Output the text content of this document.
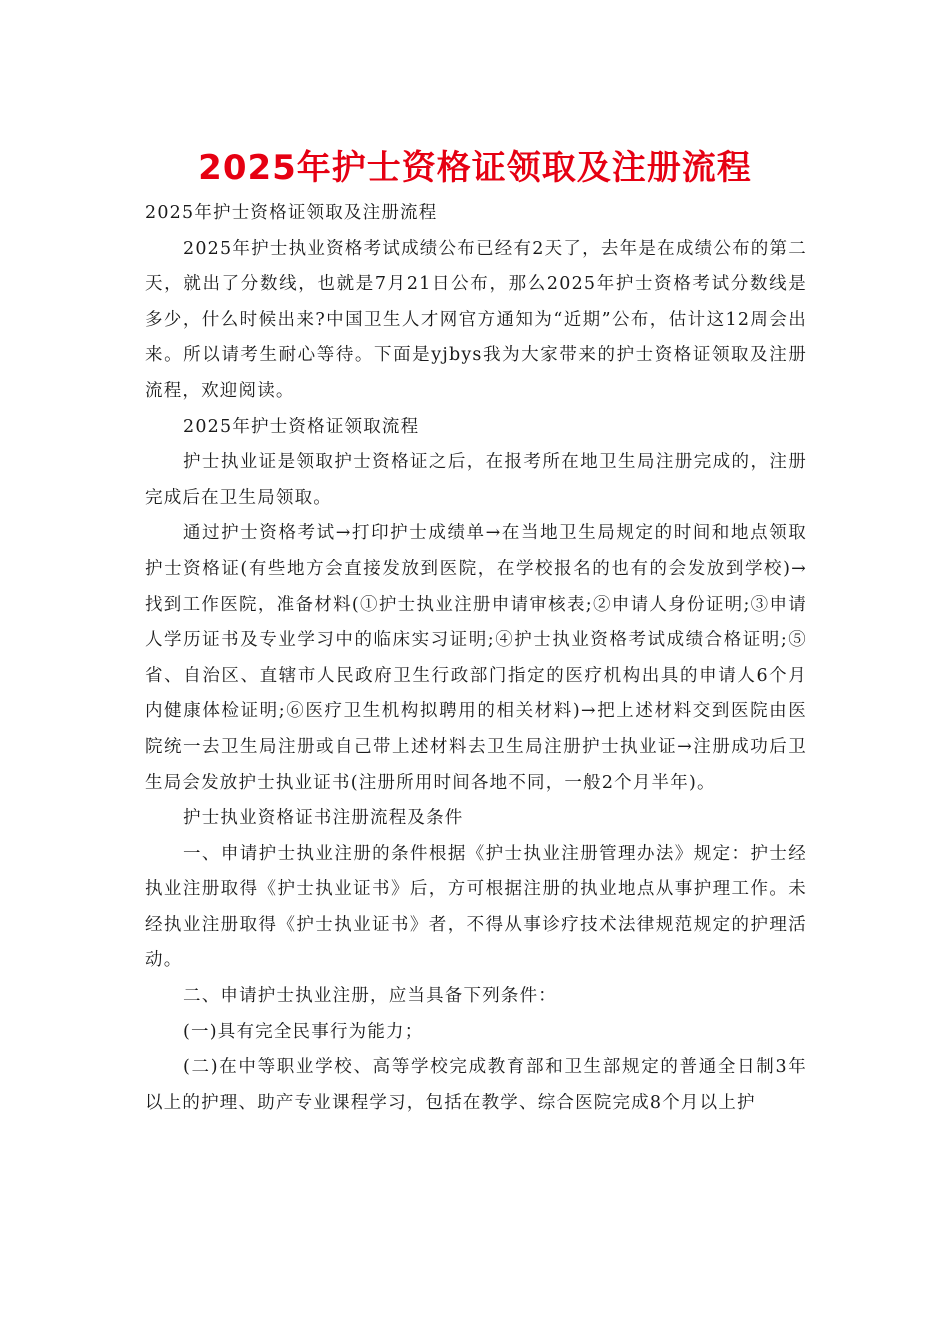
2025年护士资格证领取及注册流程

2025年护士资格证领取及注册流程

2025年护士执业资格考试成绩公布已经有2天了，去年是在成绩公布的第二天，就出了分数线，也就是7月21日公布，那么2025年护士资格考试分数线是多少，什么时候出来?中国卫生人才网官方通知为“近期”公布，估计这12周会出来。所以请考生耐心等待。下面是yjbys我为大家带来的护士资格证领取及注册流程，欢迎阅读。

2025年护士资格证领取流程

护士执业证是领取护士资格证之后，在报考所在地卫生局注册完成的，注册完成后在卫生局领取。

通过护士资格考试→打印护士成绩单→在当地卫生局规定的时间和地点领取护士资格证(有些地方会直接发放到医院，在学校报名的也有的会发放到学校)→找到工作医院，准备材料(①护士执业注册申请审核表;②申请人身份证明;③申请人学历证书及专业学习中的临床实习证明;④护士执业资格考试成绩合格证明;⑤省、自治区、直辖市人民政府卫生行政部门指定的医疗机构出具的申请人6个月内健康体检证明;⑥医疗卫生机构拟聘用的相关材料)→把上述材料交到医院由医院统一去卫生局注册或自己带上述材料去卫生局注册护士执业证→注册成功后卫生局会发放护士执业证书(注册所用时间各地不同，一般2个月半年)。

护士执业资格证书注册流程及条件

一、申请护士执业注册的条件根据《护士执业注册管理办法》规定：护士经执业注册取得《护士执业证书》后，方可根据注册的执业地点从事护理工作。未经执业注册取得《护士执业证书》者，不得从事诊疗技术法律规范规定的护理活动。

二、申请护士执业注册，应当具备下列条件：

(一)具有完全民事行为能力；

(二)在中等职业学校、高等学校完成教育部和卫生部规定的普通全日制3年以上的护理、助产专业课程学习，包括在教学、综合医院完成8个月以上护
